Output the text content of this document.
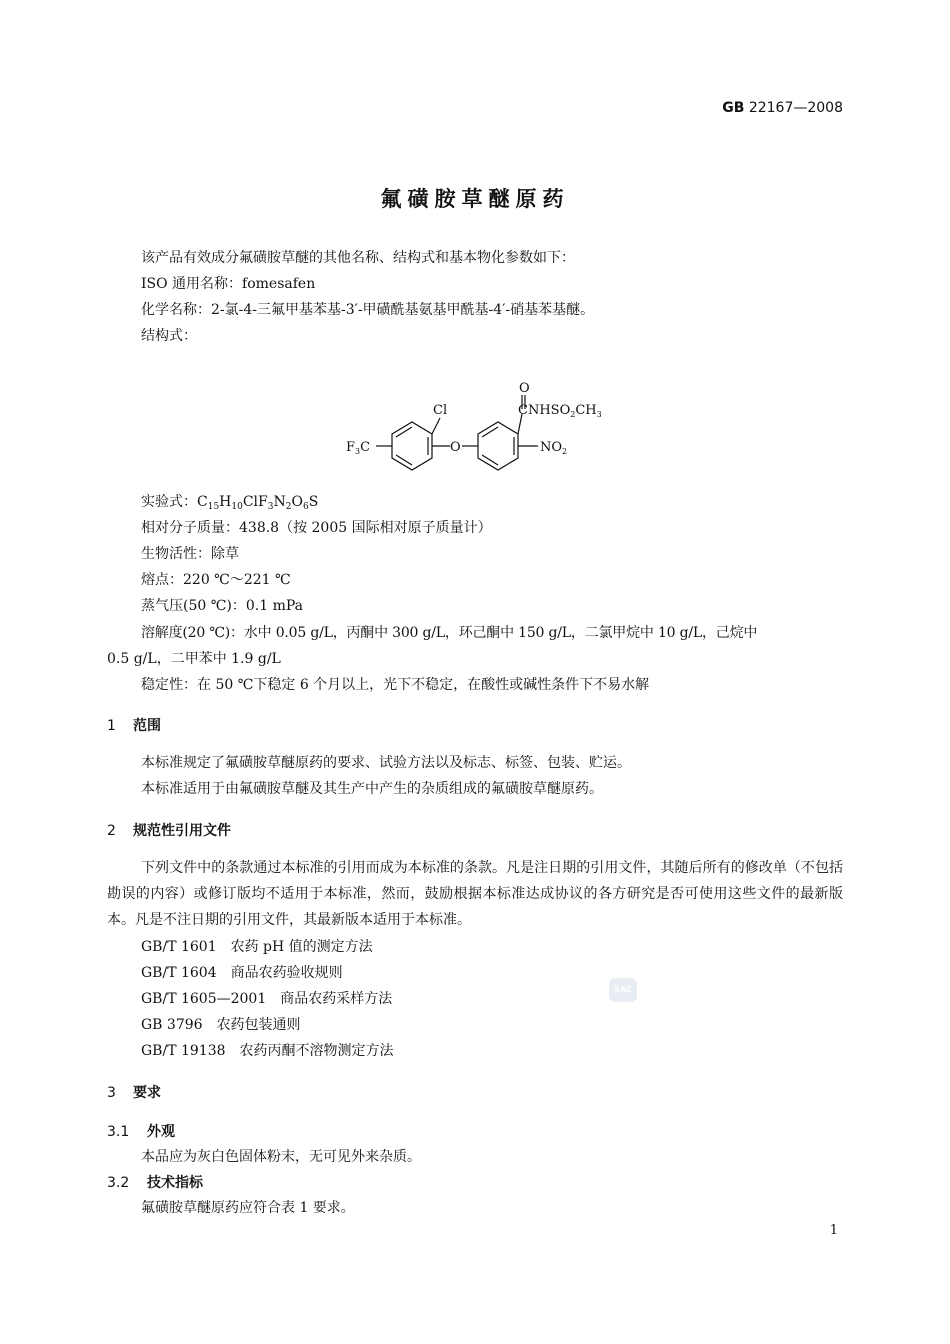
GB 22167—2008
氟磺胺草醚原药
该产品有效成分氟磺胺草醚的其他名称、结构式和基本物化参数如下：
ISO 通用名称：fomesafen
化学名称：2-氯-4-三氟甲基苯基-3′-甲磺酰基氨基甲酰基-4′-硝基苯基醚。
结构式：
O
Cl	$CNHSO_2CH_3$
$F_3C$	O	$NO_2$
实验式：$C_{15}H_{10}ClF_3N_2O_6S$
相对分子质量：438.8（按 2005 国际相对原子质量计）
生物活性：除草
熔点：220 ℃～221 ℃
蒸气压(50 ℃)：0.1 mPa
溶解度(20 ℃)：水中 0.05 g/L，丙酮中 300 g/L，环己酮中 150 g/L，二氯甲烷中 10 g/L，己烷中
0.5 g/L，二甲苯中 1.9 g/L
稳定性：在 50 ℃下稳定 6 个月以上，光下不稳定，在酸性或碱性条件下不易水解
1 范围
本标准规定了氟磺胺草醚原药的要求、试验方法以及标志、标签、包装、贮运。
本标准适用于由氟磺胺草醚及其生产中产生的杂质组成的氟磺胺草醚原药。
2 规范性引用文件
下列文件中的条款通过本标准的引用而成为本标准的条款。凡是注日期的引用文件，其随后所有的修改单（不包括勘误的内容）或修订版均不适用于本标准，然而，鼓励根据本标准达成协议的各方研究是否可使用这些文件的最新版本。凡是不注日期的引用文件，其最新版本适用于本标准。
GB/T 1601 农药 pH 值的测定方法
GB/T 1604 商品农药验收规则
GB/T 1605—2001 商品农药采样方法
GB 3796 农药包装通则
GB/T 19138 农药丙酮不溶物测定方法
SAC
3 要求
3.1 外观
本品应为灰白色固体粉末，无可见外来杂质。
3.2 技术指标
氟磺胺草醚原药应符合表 1 要求。
1
